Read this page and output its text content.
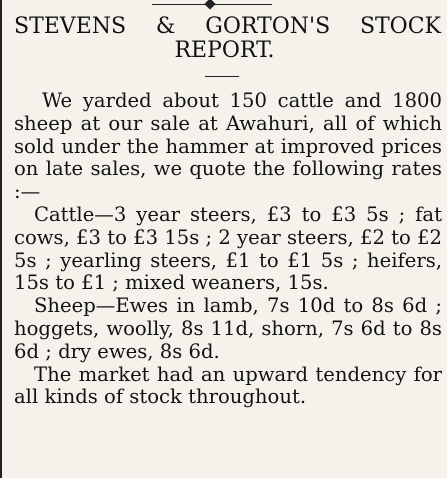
STEVENS & GORTON'S STOCK
REPORT.

We yarded about 150 cattle and 1800 sheep at our sale at Awahuri, all of which sold under the hammer at improved prices on late sales, we quote the following rates :—

Cattle—3 year steers, £3 to £3 5s ; fat cows, £3 to £3 15s ; 2 year steers, £2 to £2 5s ; yearling steers, £1 to £1 5s ; heifers, 15s to £1 ; mixed weaners, 15s.

Sheep—Ewes in lamb, 7s 10d to 8s 6d ; hoggets, woolly, 8s 11d, shorn, 7s 6d to 8s 6d ; dry ewes, 8s 6d.

The market had an upward tendency for all kinds of stock throughout.
